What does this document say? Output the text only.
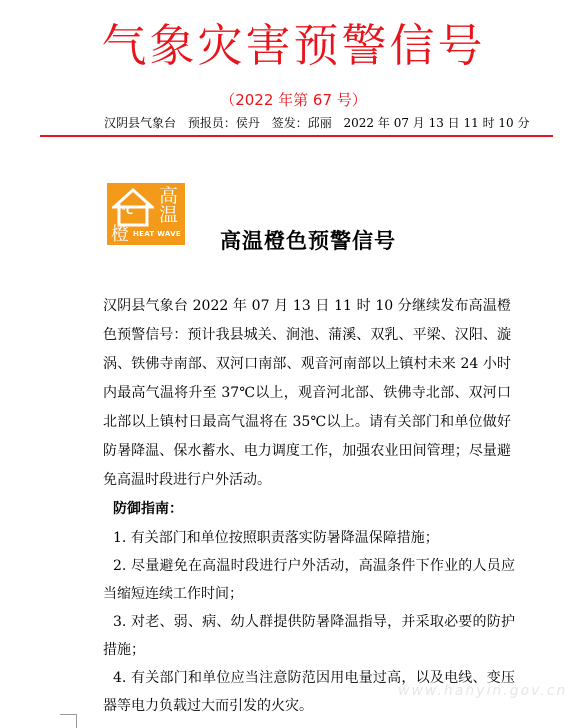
气象灾害预警信号
（2022 年第 67 号）
汉阴县气象台 预报员：侯丹 签发：邱丽 2022 年 07 月 13 日 11 时 10 分
℃
高
温
橙 HEAT WAVE 高温橙色预警信号
汉阴县气象台 2022 年 07 月 13 日 11 时 10 分继续发布高温橙色预警信号：预计我县城关、涧池、蒲溪、双乳、平梁、汉阳、漩涡、铁佛寺南部、双河口南部、观音河南部以上镇村未来 24 小时内最高气温将升至 37℃以上，观音河北部、铁佛寺北部、双河口北部以上镇村日最高气温将在 35℃以上。请有关部门和单位做好防暑降温、保水蓄水、电力调度工作，加强农业田间管理；尽量避免高温时段进行户外活动。
防御指南：
1. 有关部门和单位按照职责落实防暑降温保障措施；
2. 尽量避免在高温时段进行户外活动，高温条件下作业的人员应当缩短连续工作时间；
3. 对老、弱、病、幼人群提供防暑降温指导，并采取必要的防护措施；
4. 有关部门和单位应当注意防范因用电量过高，以及电线、变压器等电力负载过大而引发的火灾。
www.hanyin.gov.cn
